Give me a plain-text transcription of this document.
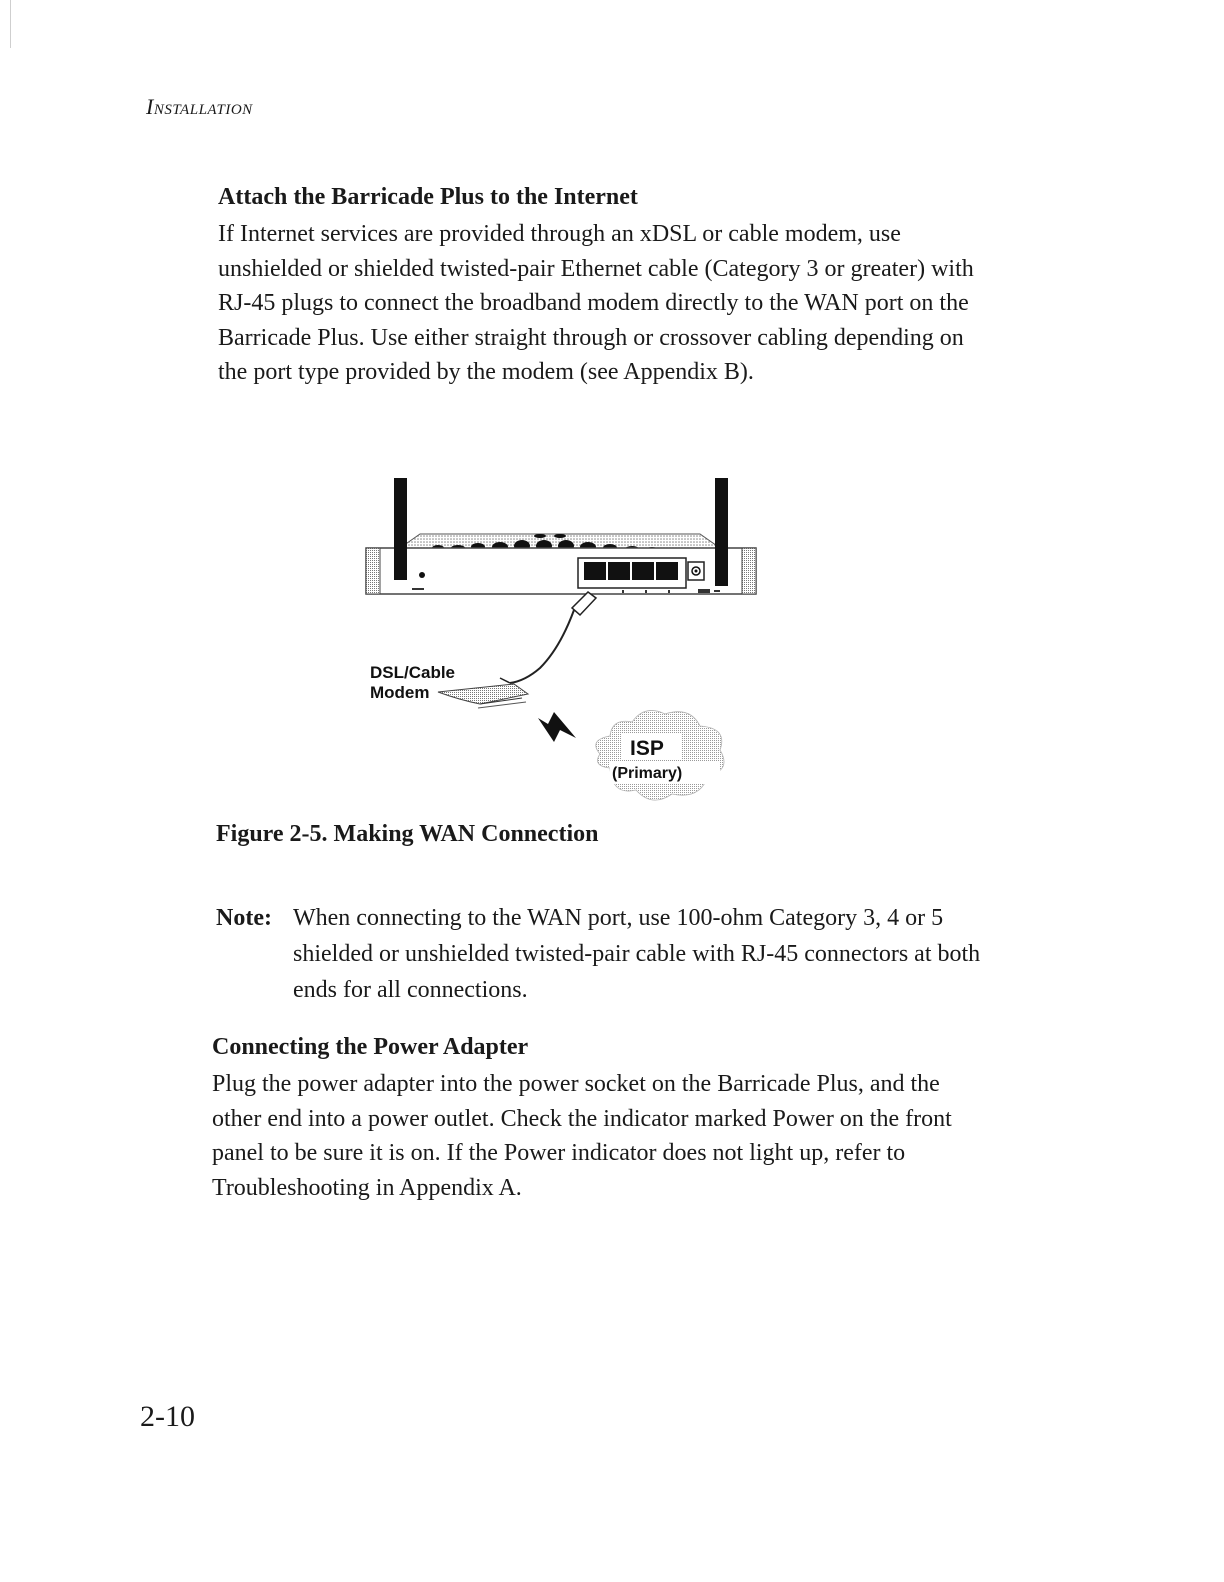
Installation
Attach the Barricade Plus to the Internet

If Internet services are provided through an xDSL or cable modem, use unshielded or shielded twisted-pair Ethernet cable (Category 3 or greater) with RJ-45 plugs to connect the broadband modem directly to the WAN port on the Barricade Plus. Use either straight through or crossover cabling depending on the port type provided by the modem (see Appendix B).

DSL/Cable
Modem
ISP
(Primary)
Figure 2-5. Making WAN Connection
Note: When connecting to the WAN port, use 100-ohm Category 3, 4 or 5 shielded or unshielded twisted-pair cable with RJ-45 connectors at both ends for all connections.
Connecting the Power Adapter

Plug the power adapter into the power socket on the Barricade Plus, and the other end into a power outlet. Check the indicator marked Power on the front panel to be sure it is on. If the Power indicator does not light up, refer to Troubleshooting in Appendix A.

2-10
